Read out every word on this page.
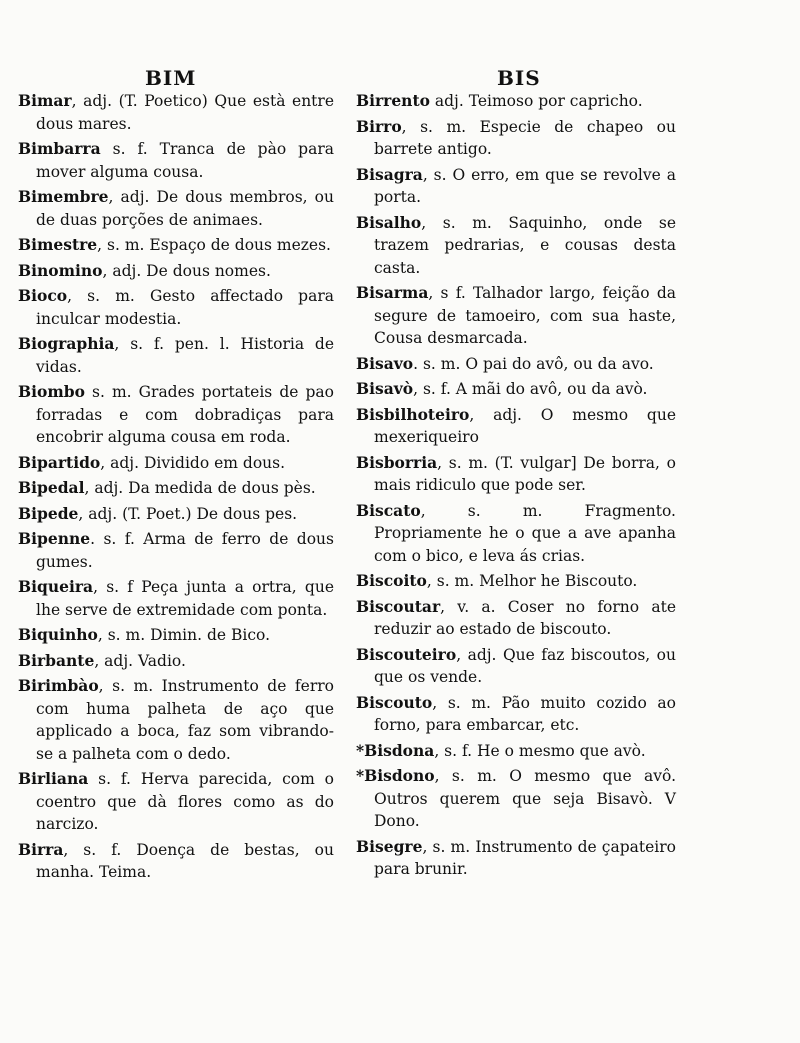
BIM	BIS

Bimar, adj. (T. Poetico) Que està entre dous mares.

Bimbarra s. f. Tranca de pào para mover alguma cousa.

Bimembre, adj. De dous membros, ou de duas porções de animaes.

Bimestre, s. m. Espaço de dous mezes.

Binomino, adj. De dous nomes.

Bioco, s. m. Gesto affectado para inculcar modestia.

Biographia, s. f. pen. l. Historia de vidas.

Biombo s. m. Grades portateis de pao forradas e com dobradiças para encobrir alguma cousa em roda.

Bipartido, adj. Dividido em dous.

Bipedal, adj. Da medida de dous pès.

Bipede, adj. (T. Poet.) De dous pes.

Bipenne. s. f. Arma de ferro de dous gumes.

Biqueira, s. f Peça junta a ortra, que lhe serve de extremidade com ponta.

Biquinho, s. m. Dimin. de Bico.

Birbante, adj. Vadio.

Birimbào, s. m. Instrumento de ferro com huma palheta de aço que applicado a boca, faz som vibrando-se a palheta com o dedo.

Birliana s. f. Herva parecida, com o coentro que dà flores como as do narcizo.

Birra, s. f. Doença de bestas, ou manha. Teima.

Birrento adj. Teimoso por capricho.

Birro, s. m. Especie de chapeo ou barrete antigo.

Bisagra, s. O erro, em que se revolve a porta.

Bisalho, s. m. Saquinho, onde se trazem pedrarias, e cousas desta casta.

Bisarma, s f. Talhador largo, feição da segure de tamoeiro, com sua haste, Cousa desmarcada.

Bisavo. s. m. O pai do avô, ou da avo.

Bisavò, s. f. A mãi do avô, ou da avò.

Bisbilhoteiro, adj. O mesmo que mexeriqueiro

Bisborria, s. m. (T. vulgar] De borra, o mais ridiculo que pode ser.

Biscato, s. m. Fragmento. Propriamente he o que a ave apanha com o bico, e leva ás crias.

Biscoito, s. m. Melhor he Biscouto.

Biscoutar, v. a. Coser no forno ate reduzir ao estado de biscouto.

Biscouteiro, adj. Que faz biscoutos, ou que os vende.

Biscouto, s. m. Pão muito cozido ao forno, para embarcar, etc.

*Bisdona, s. f. He o mesmo que avò.

*Bisdono, s. m. O mesmo que avô. Outros querem que seja Bisavò. V Dono.

Bisegre, s. m. Instrumento de çapateiro para brunir.
